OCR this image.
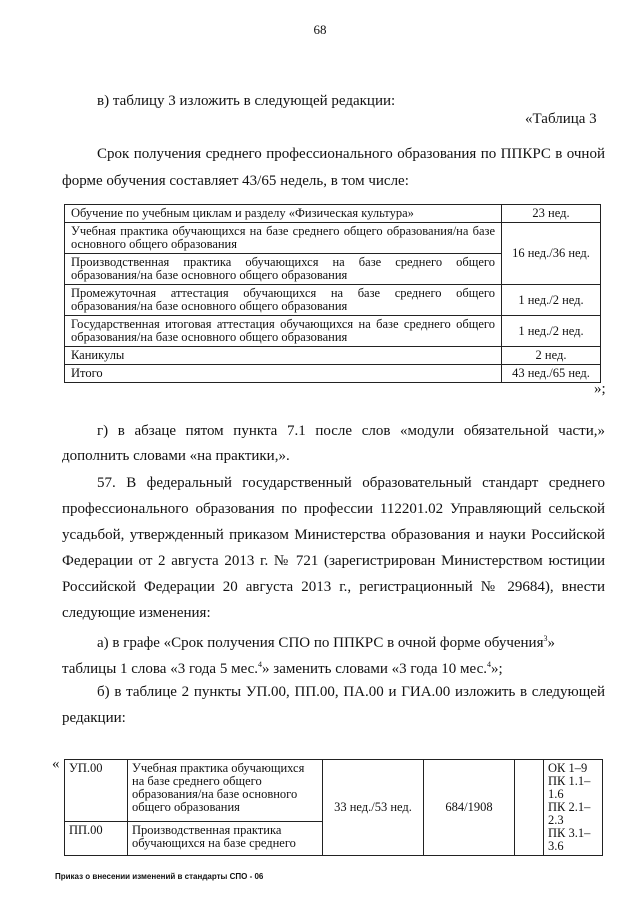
68
в) таблицу 3 изложить в следующей редакции:
«Таблица 3
Срок получения среднего профессионального образования по ППКРС в очной
форме обучения составляет 43/65 недель, в том числе:
Обучение по учебным циклам и разделу «Физическая культура»	23 нед.
Учебная практика обучающихся на базе среднего общего образования/на базе основного общего образования	16 нед./36 нед.
Производственная практика обучающихся на базе среднего общего образования/на базе основного общего образования	
Промежуточная аттестация обучающихся на базе среднего общего образования/на базе основного общего образования	1 нед./2 нед.
Государственная итоговая аттестация обучающихся на базе среднего общего образования/на базе основного общего образования	1 нед./2 нед.
Каникулы	2 нед.
Итого	43 нед./65 нед.
»;
г) в абзаце пятом пункта 7.1 после слов «модули обязательной части,»
дополнить словами «на практики,».
57. В федеральный государственный образовательный стандарт среднего
профессионального образования по профессии 112201.02 Управляющий сельской
усадьбой, утвержденный приказом Министерства образования и науки Российской
Федерации от 2 августа 2013 г. № 721 (зарегистрирован Министерством юстиции
Российской Федерации 20 августа 2013 г., регистрационный № 29684), внести
следующие изменения:
а) в графе «Срок получения СПО по ППКРС в очной форме обучения$^3$»
таблицы 1 слова «3 года 5 мес.$^4$» заменить словами «3 года 10 мес.$^4$»;
б) в таблице 2 пункты УП.00, ПП.00, ПА.00 и ГИА.00 изложить в следующей
редакции:
« УП.00	Учебная практика обучающихся на базе среднего общего образования/на базе основного общего образования	33 нед./53 нед.	684/1908		ОК 1–9
ПК 1.1–1.6
ПК 2.1–2.3
ПК 3.1–3.6

ПП.00	Производственная практика обучающихся на базе среднего				
Приказ о внесении изменений в стандарты СПО - 06
